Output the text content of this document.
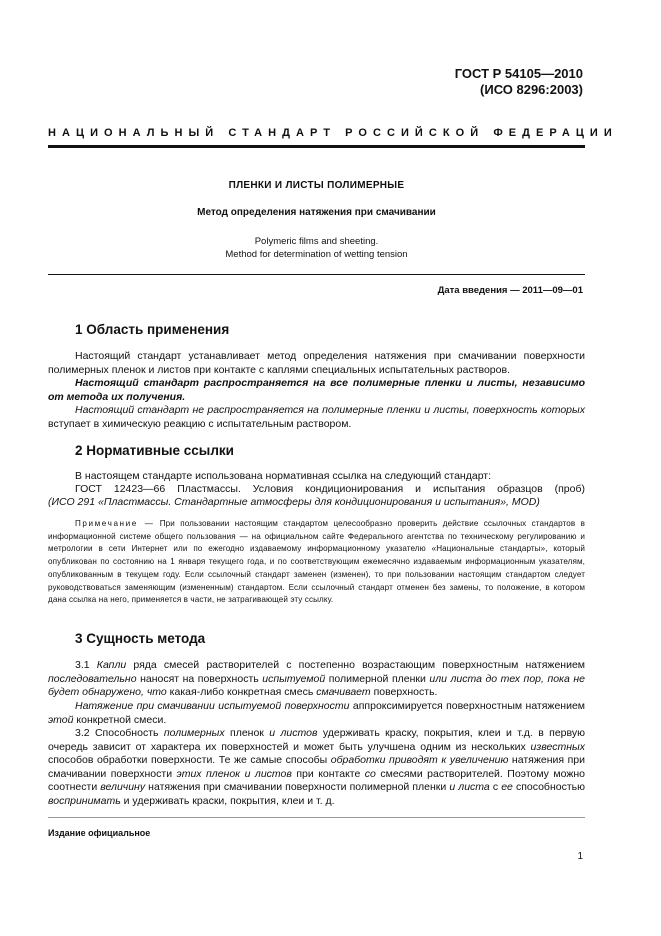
ГОСТ Р 54105—2010
(ИСО 8296:2003)
НАЦИОНАЛЬНЫЙ СТАНДАРТ РОССИЙСКОЙ ФЕДЕРАЦИИ
ПЛЕНКИ И ЛИСТЫ ПОЛИМЕРНЫЕ
Метод определения натяжения при смачивании
Polymeric films and sheeting.
Method for determination of wetting tension
Дата введения — 2011—09—01
1 Область применения
Настоящий стандарт устанавливает метод определения натяжения при смачивании поверхности полимерных пленок и листов при контакте с каплями специальных испытательных растворов.
Настоящий стандарт распространяется на все полимерные пленки и листы, независимо от метода их получения.
Настоящий стандарт не распространяется на полимерные пленки и листы, поверхность которых вступает в химическую реакцию с испытательным раствором.
2 Нормативные ссылки
В настоящем стандарте использована нормативная ссылка на следующий стандарт:
ГОСТ 12423—66 Пластмассы. Условия кондиционирования и испытания образцов (проб)
(ИСО 291 «Пластмассы. Стандартные атмосферы для кондиционирования и испытания», MOD)
Примечание — При пользовании настоящим стандартом целесообразно проверить действие ссылочных стандартов в информационной системе общего пользования — на официальном сайте Федерального агентства по техническому регулированию и метрологии в сети Интернет или по ежегодно издаваемому информационному указателю «Национальные стандарты», который опубликован по состоянию на 1 января текущего года, и по соответствующим ежемесячно издаваемым информационным указателям, опубликованным в текущем году. Если ссылочный стандарт заменен (изменен), то при пользовании настоящим стандартом следует руководствоваться заменяющим (измененным) стандартом. Если ссылочный стандарт отменен без замены, то положение, в котором дана ссылка на него, применяется в части, не затрагивающей эту ссылку.
3 Сущность метода
3.1 Капли ряда смесей растворителей с постепенно возрастающим поверхностным натяжением последовательно наносят на поверхность испытуемой полимерной пленки или листа до тех пор, пока не будет обнаружено, что какая-либо конкретная смесь смачивает поверхность.
Натяжение при смачивании испытуемой поверхности аппроксимируется поверхностным натяжением этой конкретной смеси.
3.2 Способность полимерных пленок и листов удерживать краску, покрытия, клеи и т.д. в первую очередь зависит от характера их поверхностей и может быть улучшена одним из нескольких известных способов обработки поверхности. Те же самые способы обработки приводят к увеличению натяжения при смачивании поверхности этих пленок и листов при контакте со смесями растворителей. Поэтому можно соотнести величину натяжения при смачивании поверхности полимерной пленки и листа с ее способностью воспринимать и удерживать краски, покрытия, клеи и т. д.
Издание официальное
1
